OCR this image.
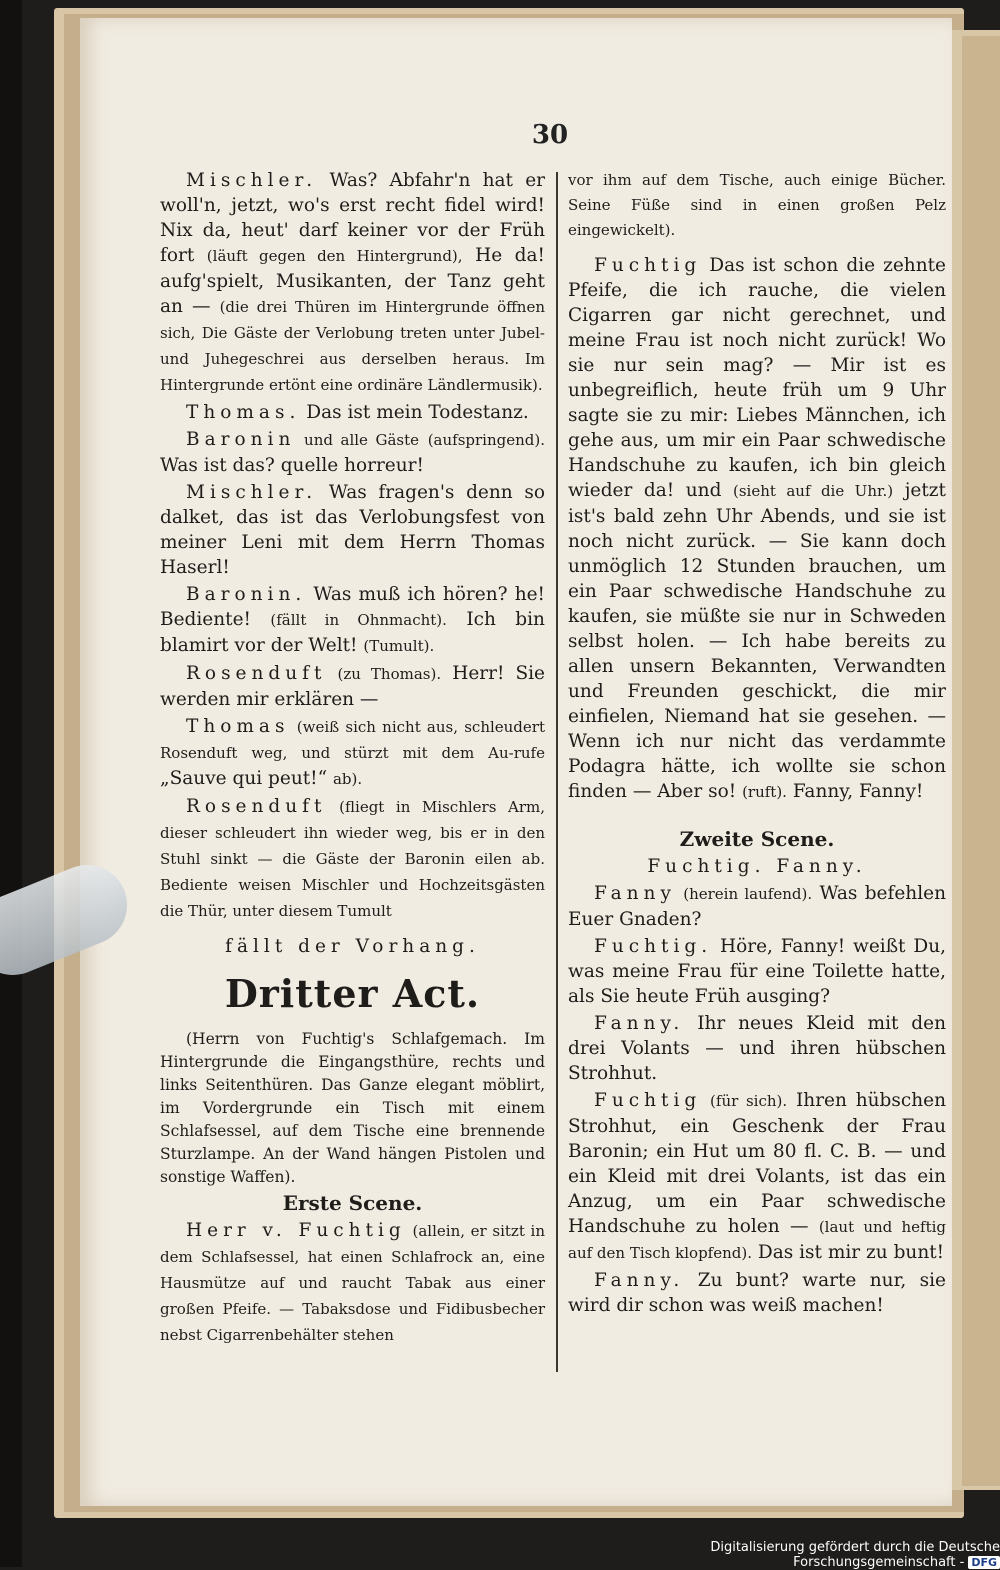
30

Mischler. Was? Abfahr'n hat er woll'n, jetzt, wo's erst recht fidel wird! Nix da, heut' darf keiner vor der Früh fort (läuft gegen den Hintergrund), He da! aufg'spielt, Musikanten, der Tanz geht an — (die drei Thüren im Hintergrunde öffnen sich, Die Gäste der Verlobung treten unter Jubel- und Juhegeschrei aus derselben heraus. Im Hintergrunde ertönt eine ordinäre Ländlermusik).

Thomas. Das ist mein Todestanz.

Baronin und alle Gäste (aufspringend). Was ist das? quelle horreur!

Mischler. Was fragen's denn so dalket, das ist das Verlobungsfest von meiner Leni mit dem Herrn Thomas Haserl!

Baronin. Was muß ich hören? he! Bediente! (fällt in Ohnmacht). Ich bin blamirt vor der Welt! (Tumult).

Rosenduft (zu Thomas). Herr! Sie werden mir erklären —

Thomas (weiß sich nicht aus, schleudert Rosenduft weg, und stürzt mit dem Au-rufe „Sauve qui peut!“ ab).

Rosenduft (fliegt in Mischlers Arm, dieser schleudert ihn wieder weg, bis er in den Stuhl sinkt — die Gäste der Baronin eilen ab. Bediente weisen Mischler und Hochzeitsgästen die Thür, unter diesem Tumult

fällt der Vorhang.

Dritter Act.

(Herrn von Fuchtig's Schlafgemach. Im Hintergrunde die Eingangsthüre, rechts und links Seitenthüren. Das Ganze elegant möblirt, im Vordergrunde ein Tisch mit einem Schlafsessel, auf dem Tische eine brennende Sturzlampe. An der Wand hängen Pistolen und sonstige Waffen).

Erste Scene.

Herr v. Fuchtig (allein, er sitzt in dem Schlafsessel, hat einen Schlafrock an, eine Hausmütze auf und raucht Tabak aus einer großen Pfeife. — Tabaksdose und Fidibusbecher nebst Cigarrenbehälter stehen

vor ihm auf dem Tische, auch einige Bücher. Seine Füße sind in einen großen Pelz eingewickelt).

Fuchtig Das ist schon die zehnte Pfeife, die ich rauche, die vielen Cigarren gar nicht gerechnet, und meine Frau ist noch nicht zurück! Wo sie nur sein mag? — Mir ist es unbegreiflich, heute früh um 9 Uhr sagte sie zu mir: Liebes Männchen, ich gehe aus, um mir ein Paar schwedische Handschuhe zu kaufen, ich bin gleich wieder da! und (sieht auf die Uhr.) jetzt ist's bald zehn Uhr Abends, und sie ist noch nicht zurück. — Sie kann doch unmöglich 12 Stunden brauchen, um ein Paar schwedische Handschuhe zu kaufen, sie müßte sie nur in Schweden selbst holen. — Ich habe bereits zu allen unsern Bekannten, Verwandten und Freunden geschickt, die mir einfielen, Niemand hat sie gesehen. — Wenn ich nur nicht das verdammte Podagra hätte, ich wollte sie schon finden — Aber so! (ruft). Fanny, Fanny!

Zweite Scene.

Fuchtig. Fanny.

Fanny (herein laufend). Was befehlen Euer Gnaden?

Fuchtig. Höre, Fanny! weißt Du, was meine Frau für eine Toilette hatte, als Sie heute Früh ausging?

Fanny. Ihr neues Kleid mit den drei Volants — und ihren hübschen Strohhut.

Fuchtig (für sich). Ihren hübschen Strohhut, ein Geschenk der Frau Baronin; ein Hut um 80 fl. C. B. — und ein Kleid mit drei Volants, ist das ein Anzug, um ein Paar schwedische Handschuhe zu holen — (laut und heftig auf den Tisch klopfend). Das ist mir zu bunt!

Fanny. Zu bunt? warte nur, sie wird dir schon was weiß machen!

Digitalisierung gefördert durch die Deutsche Forschungsgemeinschaft - DFG
